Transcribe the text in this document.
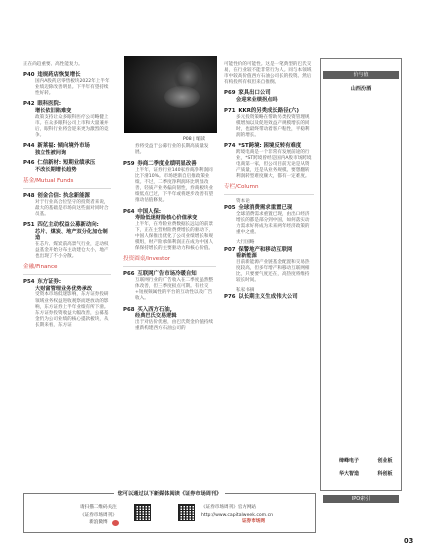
正在尚趋重要、高性能复力。
P40 违规药店恢复增长
国内A股药店零售板块2022年上半年业绩迈除改善明显。下半年有望持续性好转。
P42 眼科医院:
增长依旧陷难变
政策支持让众多眼科医疗公司略健上市。在众多眼科公司上市和大量兼并后，眼科行业将会迎来更为激烈的竞争。
P44 新莱福: 倾向境外市场
独立性被问询
P46 仁信新材: 短期业绩承压
不改长期增长趋势
基金/Mutual Funds
P48 创金合信: 执念新能源
对于行业高合位坚守的投资者来说，最大的基础是市场向这些面对同时合员基。
P51 四亿主动权益公募新动向:
芯片、煤炭、地产双分化加仓制造
在芯片、煤炭前高景气行业，走动权益基金开始分布主动建仓大小，地产也出现了不小分散。
金融/Finance
P54 东方证券:
大财富管理业务优势承改
受资本市场低迷影响，东方证券投研领域业务权益进收观察而逐放动的影响，东方证券上半年业绩有所下滑。东方证券投资收益大幅改善，公募基金仍为公司业绩的核心提款板块，从长期来看，东方证
P08 | 缩读
券将受益于公募行业的长期高质量发展。
P59 券商二季度业绩明显改善
上半年，证券行业140家券商净利润同比下滑10%。市场逐渐自启推政策业绩。不过，二季度净利润环比明显改善，轻质产业务偏向韧性，券商板块业绩低点已过，下半年或将逐步改善有望推动估值修复。
P64 中国人保:
寿险低迷财险核心价值承变
上半年，在寿险业费数据长远运的前景下，正在主营财险费费增长的驱动下，中国人保推出优化了公司业绩增长和规模组，财产险承保利润正在成为中国人保保持增长的主要驱动力和核心价值。
投资圆桌/Investor
P66 互联网广告市场冷暖自知
互联网行业的广告收入在二季度虽然整体改善，但三季度损点可期。有社交+短视频属性的平台的互动性以及广告收入。
P68 买入西方石油,
经典巴氏交易逻辑
出于对估价优惠，由巴氏资金价值持续重新构建西方石油公司的
可能性价的可能性。这是一笔典型的巴氏交易，在行业较不能非常行为人。同与本领域市中较高价值西方石油公司长的投资。然后有构投所有权但来自推倒。
P69 家具出口公司
会迎来业绩拐点吗
P71 KKR的另类成长路径(六)
多元投资策略在帮助另类投资管理规模增加以及促进效益产规模增长的同时，也最终带动着客户粘性，平稳利润的增长。
P74 *ST跨境: 困境反转有难度
跨境电商是一个非常有发展前途的行业，*ST跨境曾经是国内A股市场跨境电商第一家，但公司目前无论是从资产质量，还是从业务规模、要想翻转利润转型难度颇大，都有一定难度。
专栏/Column
资本论
P05 全球消费需求重置已现
全球消费需求重置已现，由出口经济增长的都是部分到中国，如何落实动力需求好将成为未来两年经济政策的重中之重。
大行国略
P07 保警地产和移动互联网
看新能源
目前新能源产业链基金配置和交易热度较高，但多年增产和移动互联网相比，只要要气度还在，高热度将维持较长时间。
私家书摘
P76 以长期主义生成伟大公司
价与值
山西汾酒
IPO索引
缔峰电子	创业板
华大智造	科创板
您可以通过以下新媒体阅读《证券市场周刊》
请扫描二维码关注
《证券市场周刊》
新浪微博
《证券市场周刊》官方网站
http://www.capitalweek.com.cn
证券市场网
03
